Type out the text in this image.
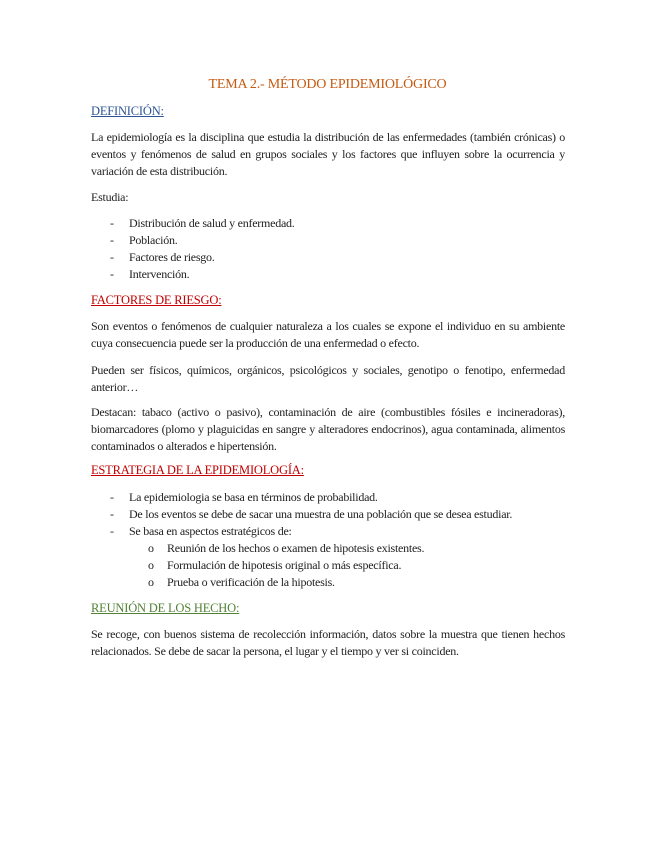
TEMA 2.- MÉTODO EPIDEMIOLÓGICO
DEFINICIÓN:

La epidemiología es la disciplina que estudia la distribución de las enfermedades (también crónicas) o eventos y fenómenos de salud en grupos sociales y los factores que influyen sobre la ocurrencia y variación de esta distribución.

Estudia:
- Distribución de salud y enfermedad.
- Población.
- Factores de riesgo.
- Intervención.
FACTORES DE RIESGO:

Son eventos o fenómenos de cualquier naturaleza a los cuales se expone el individuo en su ambiente cuya consecuencia puede ser la producción de una enfermedad o efecto.

Pueden ser físicos, químicos, orgánicos, psicológicos y sociales, genotipo o fenotipo, enfermedad anterior…

Destacan: tabaco (activo o pasivo), contaminación de aire (combustibles fósiles e incineradoras), biomarcadores (plomo y plaguicidas en sangre y alteradores endocrinos), agua contaminada, alimentos contaminados o alterados e hipertensión.

ESTRATEGIA DE LA EPIDEMIOLOGÍA:
- La epidemiologia se basa en términos de probabilidad.
- De los eventos se debe de sacar una muestra de una población que se desea estudiar.
- Se basa en aspectos estratégicos de:
o Reunión de los hechos o examen de hipotesis existentes.
o Formulación de hipotesis original o más específica.
o Prueba o verificación de la hipotesis.
REUNIÓN DE LOS HECHO:

Se recoge, con buenos sistema de recolección información, datos sobre la muestra que tienen hechos relacionados. Se debe de sacar la persona, el lugar y el tiempo y ver si coinciden.
